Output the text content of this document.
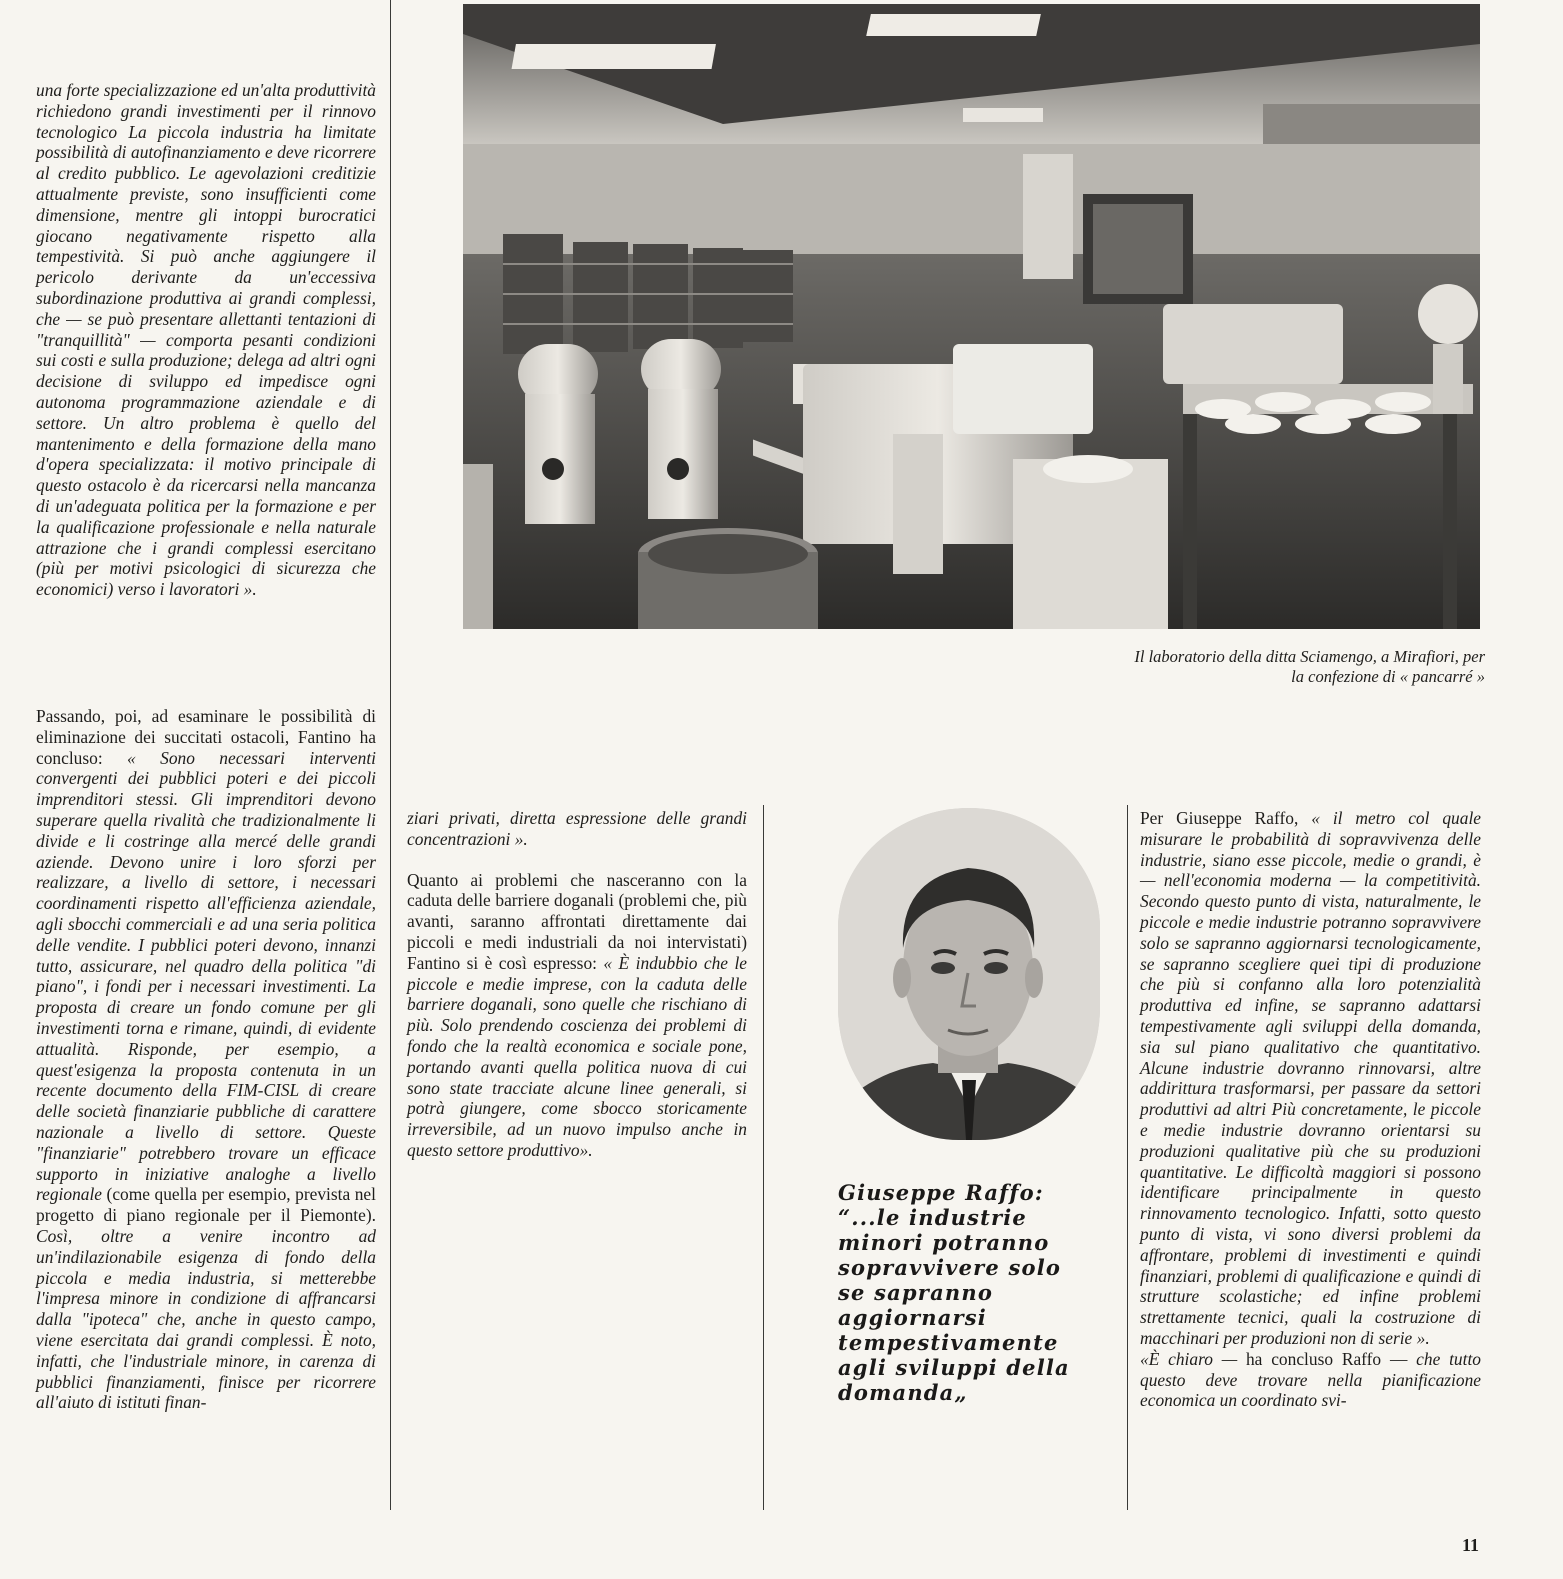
una forte specializzazione ed un'alta produttività richiedono grandi investimenti per il rinnovo tecnologico La piccola industria ha limitate possibilità di autofinanziamento e deve ricorrere al credito pubblico. Le agevolazioni creditizie attualmente previste, sono insufficienti come dimensione, mentre gli intoppi burocratici giocano negativamente rispetto alla tempestività. Si può anche aggiungere il pericolo derivante da un'eccessiva subordinazione produttiva ai grandi complessi, che — se può presentare allettanti tentazioni di "tranquillità" — comporta pesanti condizioni sui costi e sulla produzione; delega ad altri ogni decisione di sviluppo ed impedisce ogni autonoma programmazione aziendale e di settore. Un altro problema è quello del mantenimento e della formazione della mano d'opera specializzata: il motivo principale di questo ostacolo è da ricercarsi nella mancanza di un'adeguata politica per la formazione e per la qualificazione professionale e nella naturale attrazione che i grandi complessi esercitano (più per motivi psicologici di sicurezza che economici) verso i lavoratori ».

Passando, poi, ad esaminare le possibilità di eliminazione dei succitati ostacoli, Fantino ha concluso: « Sono necessari interventi convergenti dei pubblici poteri e dei piccoli imprenditori stessi. Gli imprenditori devono superare quella rivalità che tradizionalmente li divide e li costringe alla mercé delle grandi aziende. Devono unire i loro sforzi per realizzare, a livello di settore, i necessari coordinamenti rispetto all'efficienza aziendale, agli sbocchi commerciali e ad una seria politica delle vendite. I pubblici poteri devono, innanzi tutto, assicurare, nel quadro della politica "di piano", i fondi per i necessari investimenti. La proposta di creare un fondo comune per gli investimenti torna e rimane, quindi, di evidente attualità. Risponde, per esempio, a quest'esigenza la proposta contenuta in un recente documento della FIM-CISL di creare delle società finanziarie pubbliche di carattere nazionale a livello di settore. Queste "finanziarie" potrebbero trovare un efficace supporto in iniziative analoghe a livello regionale (come quella per esempio, prevista nel progetto di piano regionale per il Piemonte). Così, oltre a venire incontro ad un'indilazionabile esigenza di fondo della piccola e media industria, si metterebbe l'impresa minore in condizione di affrancarsi dalla "ipoteca" che, anche in questo campo, viene esercitata dai grandi complessi. È noto, infatti, che l'industriale minore, in carenza di pubblici finanziamenti, finisce per ricorrere all'aiuto di istituti finan-

Il laboratorio della ditta Sciamengo, a Mirafiori, per la confezione di « pancarré »

ziari privati, diretta espressione delle grandi concentrazioni ».

Quanto ai problemi che nasceranno con la caduta delle barriere doganali (problemi che, più avanti, saranno affrontati direttamente dai piccoli e medi industriali da noi intervistati) Fantino si è così espresso: « È indubbio che le piccole e medie imprese, con la caduta delle barriere doganali, sono quelle che rischiano di più. Solo prendendo coscienza dei problemi di fondo che la realtà economica e sociale pone, portando avanti quella politica nuova di cui sono state tracciate alcune linee generali, si potrà giungere, come sbocco storicamente irreversibile, ad un nuovo impulso anche in questo settore produttivo».

Giuseppe Raffo: “...le industrie minori potranno sopravvivere solo se sapranno aggiornarsi tempestivamente agli sviluppi della domanda„

Per Giuseppe Raffo, « il metro col quale misurare le probabilità di sopravvivenza delle industrie, siano esse piccole, medie o grandi, è — nell'economia moderna — la competitività. Secondo questo punto di vista, naturalmente, le piccole e medie industrie potranno sopravvivere solo se sapranno aggiornarsi tecnologicamente, se sapranno scegliere quei tipi di produzione che più si confanno alla loro potenzialità produttiva ed infine, se sapranno adattarsi tempestivamente agli sviluppi della domanda, sia sul piano qualitativo che quantitativo. Alcune industrie dovranno rinnovarsi, altre addirittura trasformarsi, per passare da settori produttivi ad altri Più concretamente, le piccole e medie industrie dovranno orientarsi su produzioni qualitative più che su produzioni quantitative. Le difficoltà maggiori si possono identificare principalmente in questo rinnovamento tecnologico. Infatti, sotto questo punto di vista, vi sono diversi problemi da affrontare, problemi di investimenti e quindi finanziari, problemi di qualificazione e quindi di strutture scolastiche; ed infine problemi strettamente tecnici, quali la costruzione di macchinari per produzioni non di serie ».

«È chiaro — ha concluso Raffo — che tutto questo deve trovare nella pianificazione economica un coordinato svi-

11
